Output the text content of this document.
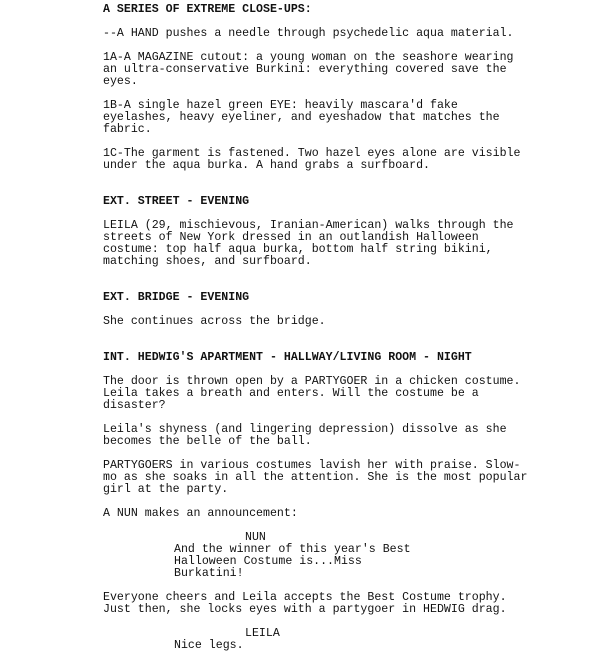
A SERIES OF EXTREME CLOSE-UPS:
--A HAND pushes a needle through psychedelic aqua material.
1A-A MAGAZINE cutout: a young woman on the seashore wearing
an ultra-conservative Burkini: everything covered save the
eyes.
1B-A single hazel green EYE: heavily mascara'd fake
eyelashes, heavy eyeliner, and eyeshadow that matches the
fabric.
1C-The garment is fastened. Two hazel eyes alone are visible
under the aqua burka. A hand grabs a surfboard.
EXT. STREET - EVENING
LEILA (29, mischievous, Iranian-American) walks through the
streets of New York dressed in an outlandish Halloween
costume: top half aqua burka, bottom half string bikini,
matching shoes, and surfboard.
EXT. BRIDGE - EVENING
She continues across the bridge.
INT. HEDWIG'S APARTMENT - HALLWAY/LIVING ROOM - NIGHT
The door is thrown open by a PARTYGOER in a chicken costume.
Leila takes a breath and enters. Will the costume be a
disaster?
Leila's shyness (and lingering depression) dissolve as she
becomes the belle of the ball.
PARTYGOERS in various costumes lavish her with praise. Slow-
mo as she soaks in all the attention. She is the most popular
girl at the party.
A NUN makes an announcement:
NUN
And the winner of this year's Best
Halloween Costume is...Miss
Burkatini!
Everyone cheers and Leila accepts the Best Costume trophy.
Just then, she locks eyes with a partygoer in HEDWIG drag.
LEILA
Nice legs.
